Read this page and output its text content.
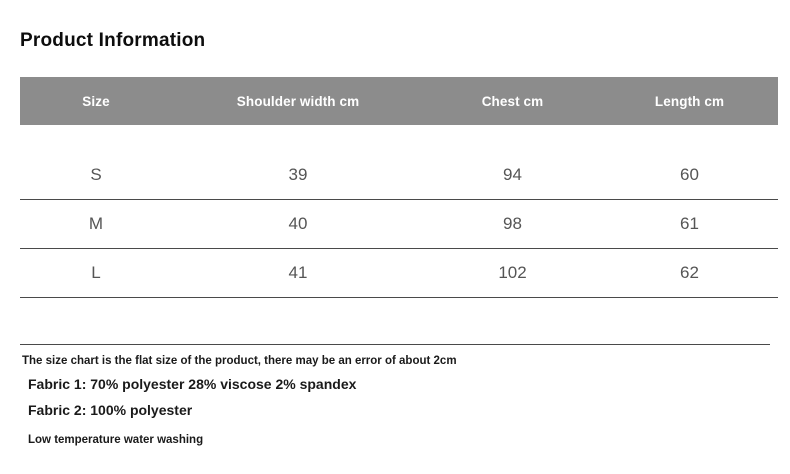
Product Information
Size	Shoulder width cm	Chest cm	Length cm

S	39	94	60
M	40	98	61
L	41	102	62
The size chart is the flat size of the product, there may be an error of about 2cm
Fabric 1: 70% polyester 28% viscose 2% spandex
Fabric 2: 100% polyester
Low temperature water washing
